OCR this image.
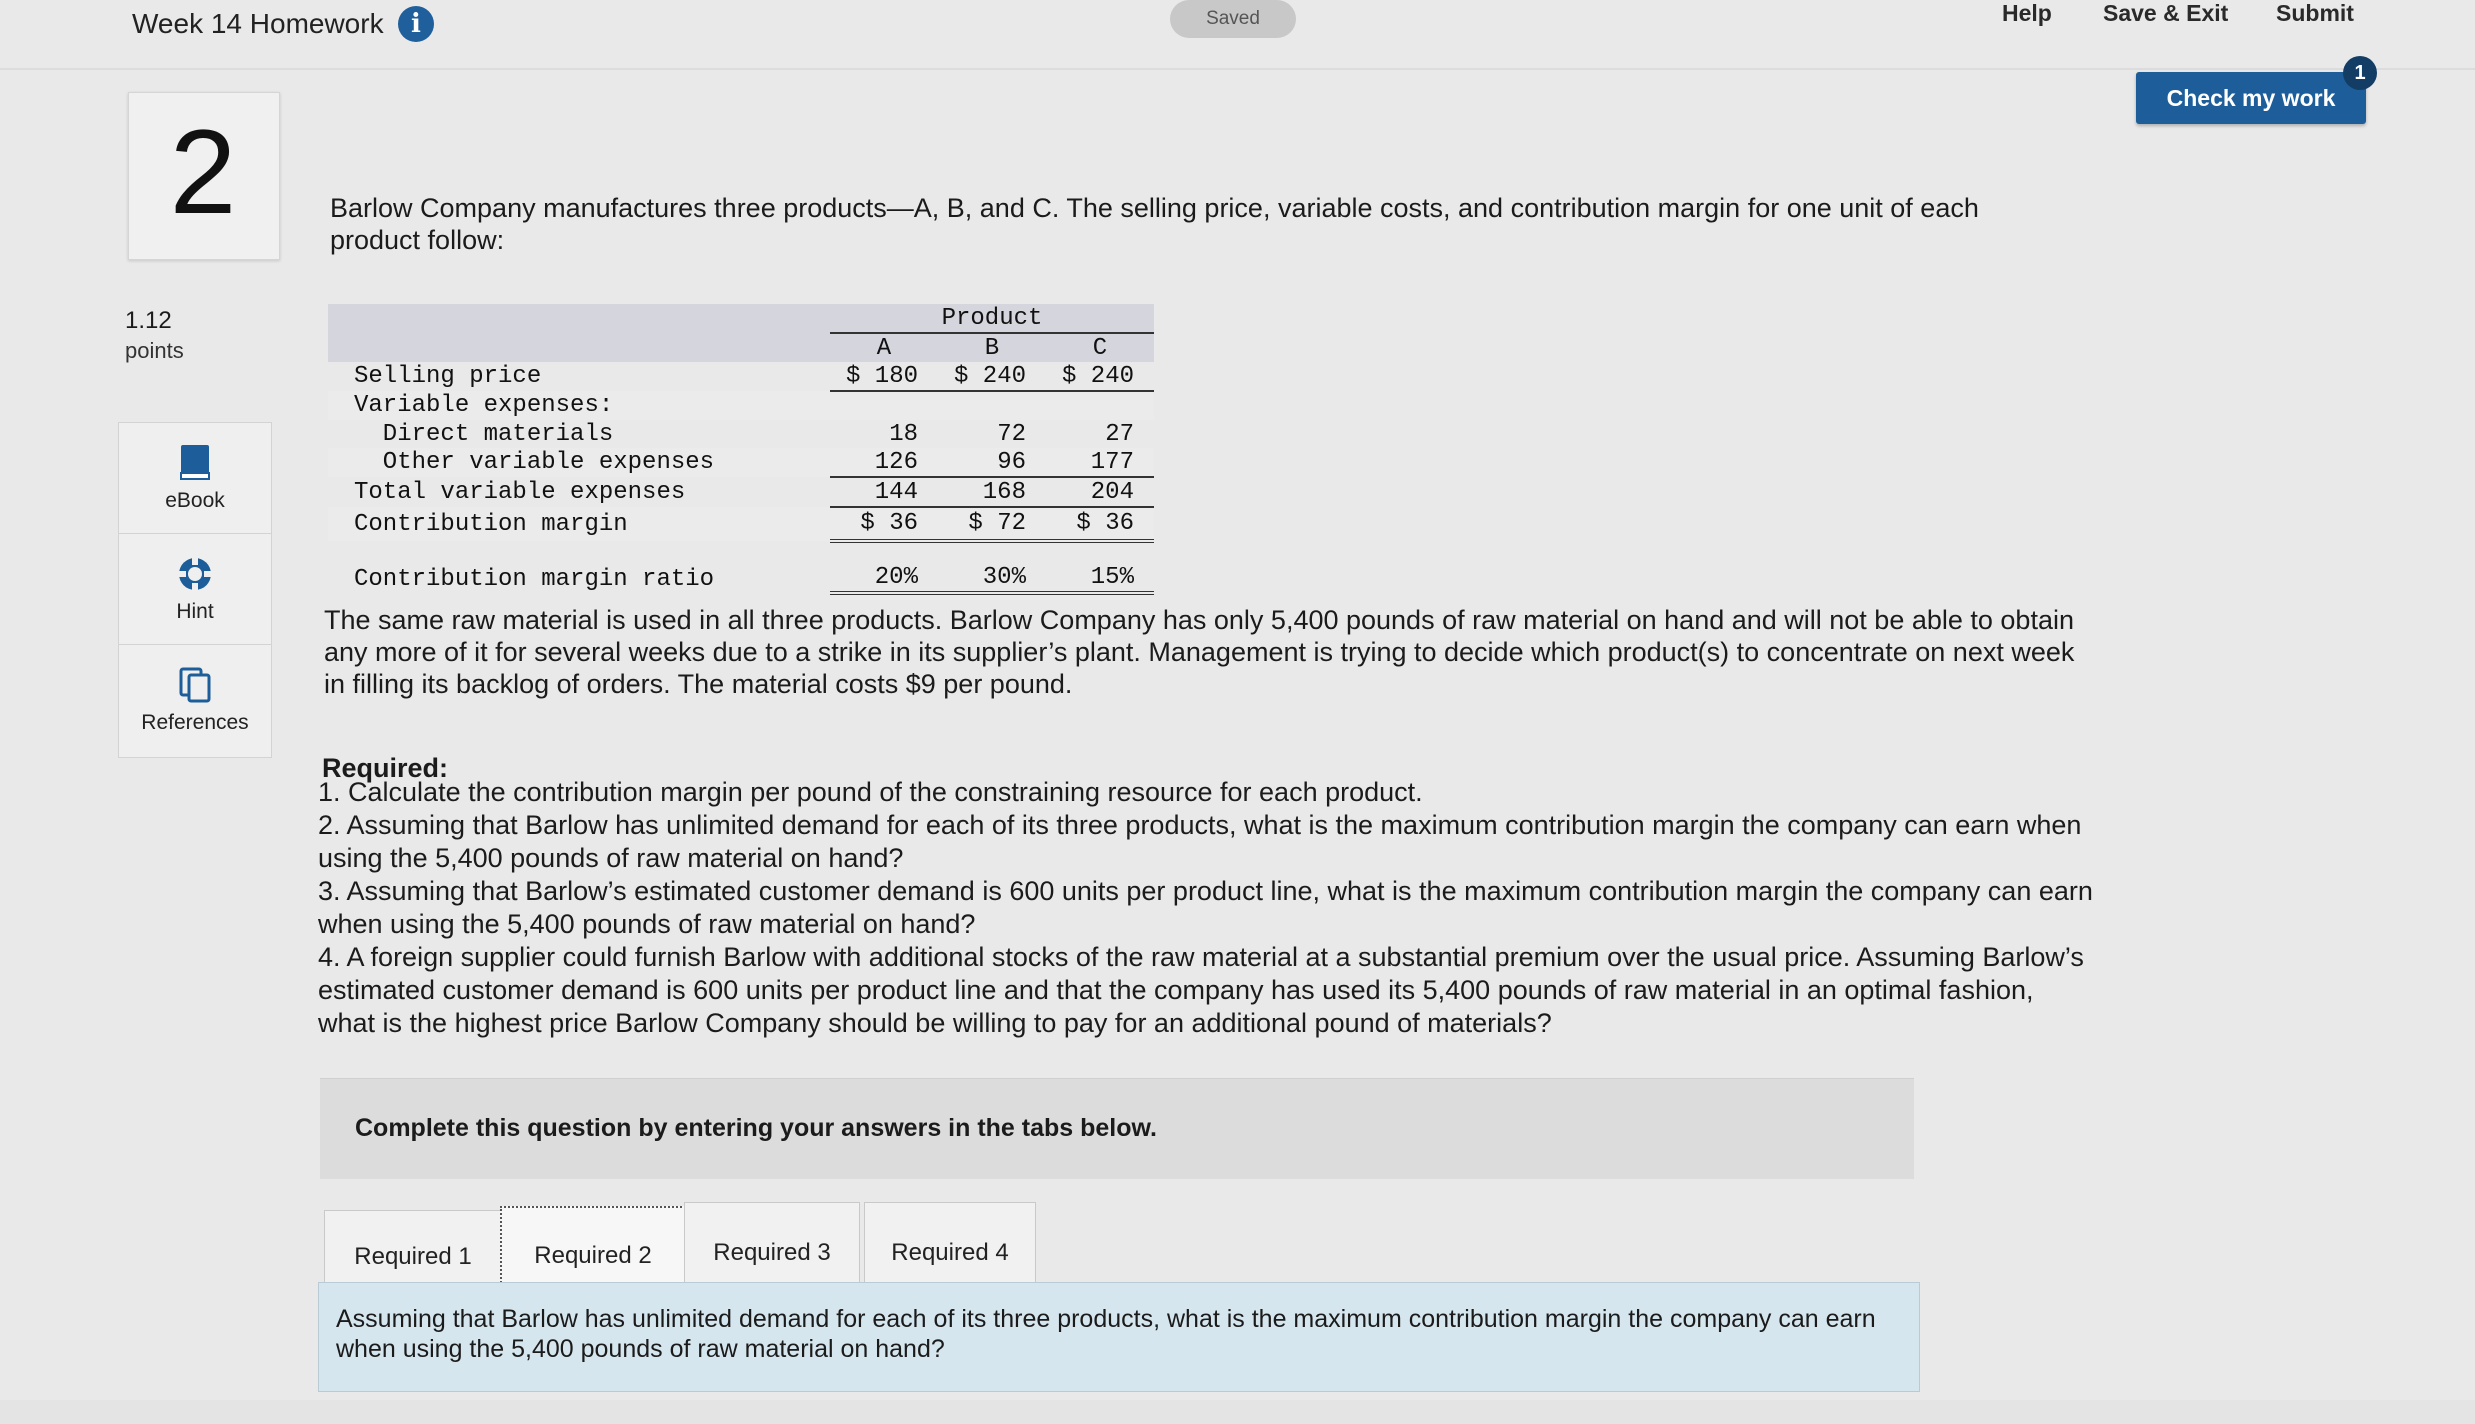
Week 14 Homework	i	Saved	Help Save & Exit Submit
Check my work
1
2
1.12
points
eBook
Hint
References
Barlow Company manufactures three products—A, B, and C. The selling price, variable costs, and contribution margin for one unit of each product follow:
	Product		
	A	B	C
Selling price	$ 180	$ 240	$ 240
Variable expenses:			
Direct materials	18	72	27
Other variable expenses	126	96	177
Total variable expenses	144	168	204
Contribution margin	$ 36	$ 72	$ 36
Contribution margin ratio	20%	30%	15%
The same raw material is used in all three products. Barlow Company has only 5,400 pounds of raw material on hand and will not be able to obtain any more of it for several weeks due to a strike in its supplier’s plant. Management is trying to decide which product(s) to concentrate on next week in filling its backlog of orders. The material costs $9 per pound.
Required:
1. Calculate the contribution margin per pound of the constraining resource for each product.
2. Assuming that Barlow has unlimited demand for each of its three products, what is the maximum contribution margin the company can earn when using the 5,400 pounds of raw material on hand?
3. Assuming that Barlow’s estimated customer demand is 600 units per product line, what is the maximum contribution margin the company can earn when using the 5,400 pounds of raw material on hand?
4. A foreign supplier could furnish Barlow with additional stocks of the raw material at a substantial premium over the usual price. Assuming Barlow’s estimated customer demand is 600 units per product line and that the company has used its 5,400 pounds of raw material in an optimal fashion, what is the highest price Barlow Company should be willing to pay for an additional pound of materials?
Complete this question by entering your answers in the tabs below.
Required 1	Required 2	Required 3	Required 4
Assuming that Barlow has unlimited demand for each of its three products, what is the maximum contribution margin the company can earn when using the 5,400 pounds of raw material on hand?
